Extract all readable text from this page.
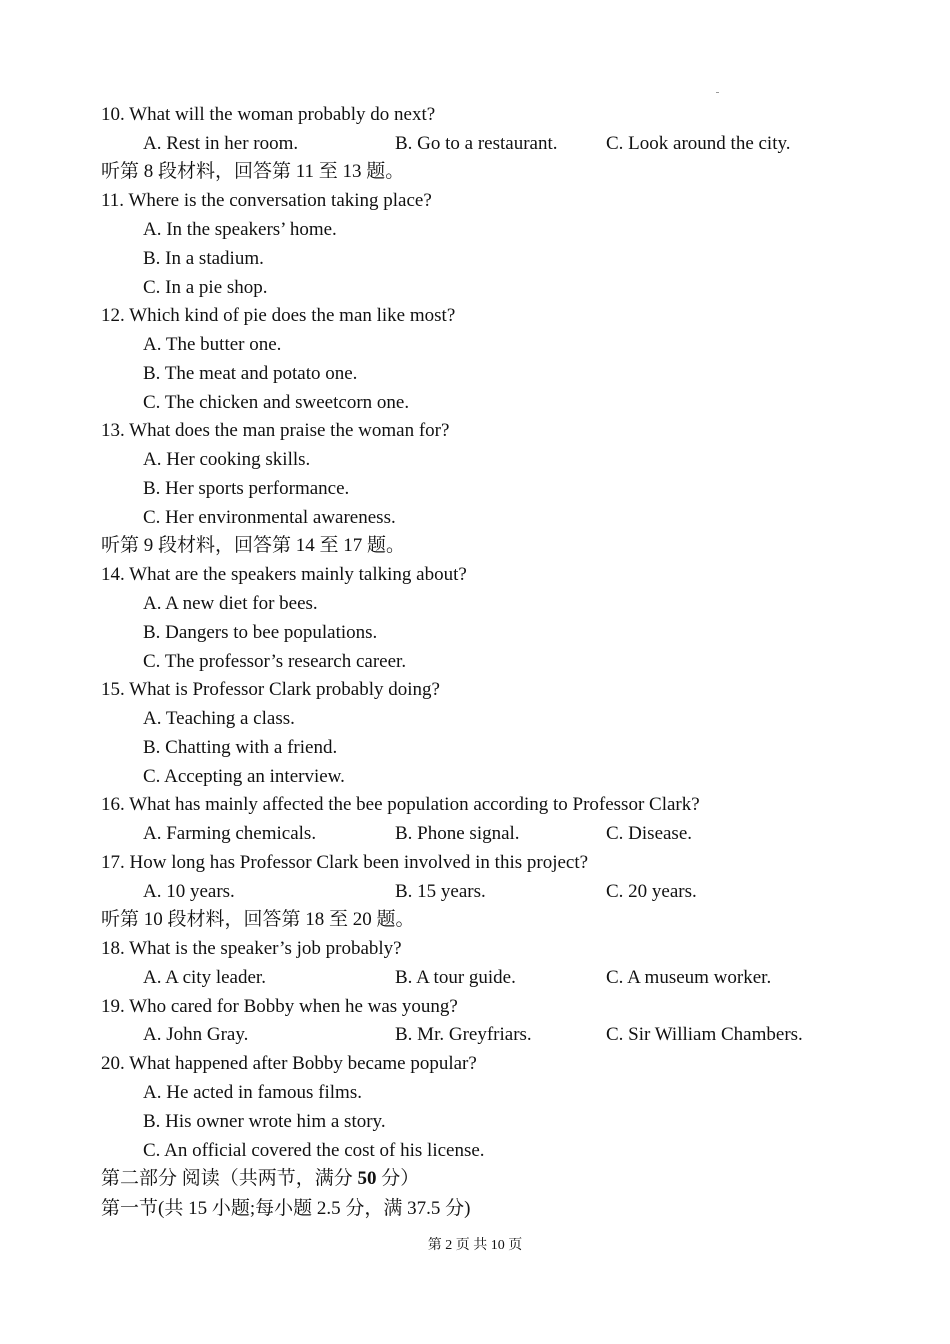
10. What will the woman probably do next?
A. Rest in her room.	B. Go to a restaurant.	C. Look around the city.
听第 8 段材料，回答第 11 至 13 题。
11. Where is the conversation taking place?
A. In the speakers’ home.
B. In a stadium.
C. In a pie shop.
12. Which kind of pie does the man like most?
A. The butter one.
B. The meat and potato one.
C. The chicken and sweetcorn one.
13. What does the man praise the woman for?
A. Her cooking skills.
B. Her sports performance.
C. Her environmental awareness.
听第 9 段材料，回答第 14 至 17 题。
14. What are the speakers mainly talking about?
A. A new diet for bees.
B. Dangers to bee populations.
C. The professor’s research career.
15. What is Professor Clark probably doing?
A. Teaching a class.
B. Chatting with a friend.
C. Accepting an interview.
16. What has mainly affected the bee population according to Professor Clark?
A. Farming chemicals.	B. Phone signal.	C. Disease.
17. How long has Professor Clark been involved in this project?
A. 10 years.	B. 15 years.	C. 20 years.
听第 10 段材料，回答第 18 至 20 题。
18. What is the speaker’s job probably?
A. A city leader.	B. A tour guide.	C. A museum worker.
19. Who cared for Bobby when he was young?
A. John Gray.	B. Mr. Greyfriars.	C. Sir William Chambers.
20. What happened after Bobby became popular?
A. He acted in famous films.
B. His owner wrote him a story.
C. An official covered the cost of his license.
第二部分 阅读（共两节，满分 50 分）
第一节(共 15 小题;每小题 2.5 分，满 37.5 分)
第 2 页 共 10 页
